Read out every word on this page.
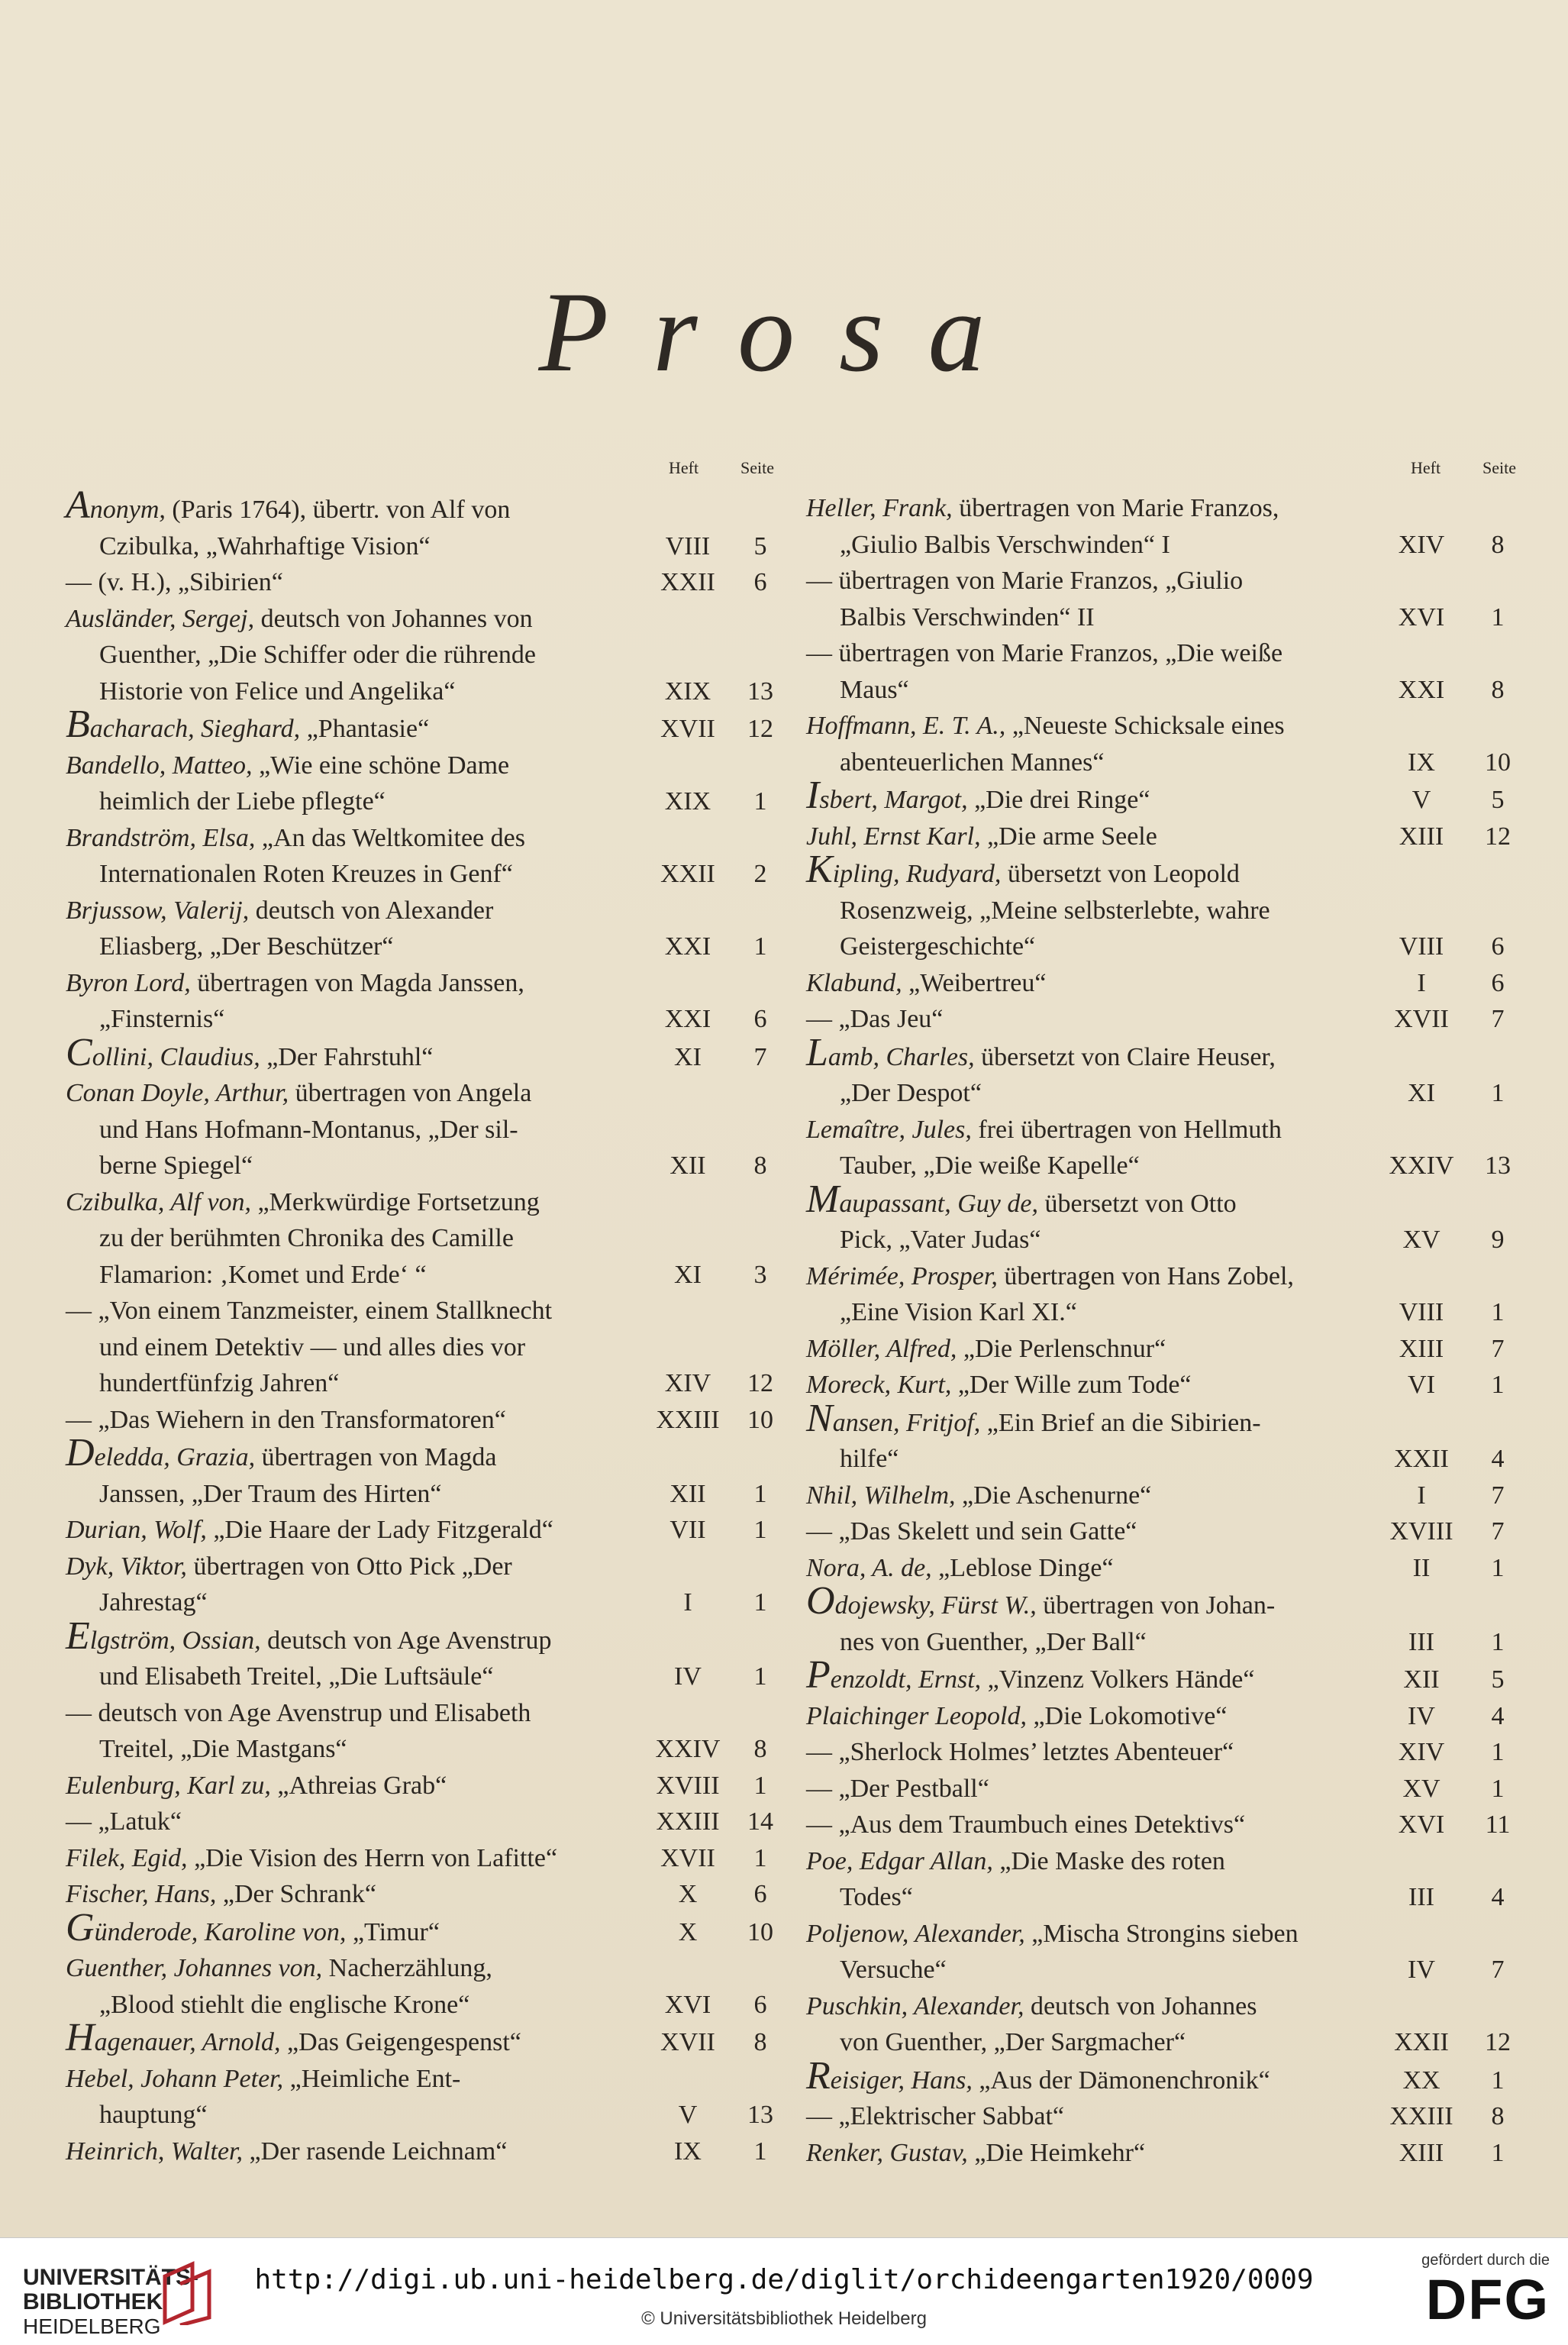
Prosa
Heft Seite
Anonym, (Paris 1764), übertr. von Alf von
Czibulka, „Wahrhaftige Vision“	VIII	5
— (v. H.), „Sibirien“	XXII	6
Ausländer, Sergej, deutsch von Johannes von
Guenther, „Die Schiffer oder die rührende
Historie von Felice und Angelika“	XIX	13
Bacharach, Sieghard, „Phantasie“	XVII	12
Bandello, Matteo, „Wie eine schöne Dame
heimlich der Liebe pflegte“	XIX	1
Brandström, Elsa, „An das Weltkomitee des
Internationalen Roten Kreuzes in Genf“	XXII	2
Brjussow, Valerij, deutsch von Alexander
Eliasberg, „Der Beschützer“	XXI	1
Byron Lord, übertragen von Magda Janssen,
„Finsternis“	XXI	6
Collini, Claudius, „Der Fahrstuhl“	XI	7
Conan Doyle, Arthur, übertragen von Angela
und Hans Hofmann-Montanus, „Der sil-
berne Spiegel“	XII	8
Czibulka, Alf von, „Merkwürdige Fortsetzung
zu der berühmten Chronika des Camille
Flamarion: ‚Komet und Erde‘ “	XI	3
— „Von einem Tanzmeister, einem Stallknecht
und einem Detektiv — und alles dies vor
hundertfünfzig Jahren“	XIV	12
— „Das Wiehern in den Transformatoren“	XXIII	10
Deledda, Grazia, übertragen von Magda
Janssen, „Der Traum des Hirten“	XII	1
Durian, Wolf, „Die Haare der Lady Fitzgerald“	VII	1
Dyk, Viktor, übertragen von Otto Pick „Der
Jahrestag“	I	1
Elgström, Ossian, deutsch von Age Avenstrup
und Elisabeth Treitel, „Die Luftsäule“	IV	1
— deutsch von Age Avenstrup und Elisabeth
Treitel, „Die Mastgans“	XXIV	8
Eulenburg, Karl zu, „Athreias Grab“	XVIII	1
— „Latuk“	XXIII	14
Filek, Egid, „Die Vision des Herrn von Lafitte“	XVII	1
Fischer, Hans, „Der Schrank“	X	6
Günderode, Karoline von, „Timur“	X	10
Guenther, Johannes von, Nacherzählung,
„Blood stiehlt die englische Krone“	XVI	6
Hagenauer, Arnold, „Das Geigengespenst“	XVII	8
Hebel, Johann Peter, „Heimliche Ent-
hauptung“	V	13
Heinrich, Walter, „Der rasende Leichnam“	IX	1
Heft Seite
Heller, Frank, übertragen von Marie Franzos,
„Giulio Balbis Verschwinden“ I	XIV	8
— übertragen von Marie Franzos, „Giulio
Balbis Verschwinden“ II	XVI	1
— übertragen von Marie Franzos, „Die weiße
Maus“	XXI	8
Hoffmann, E. T. A., „Neueste Schicksale eines
abenteuerlichen Mannes“	IX	10
Isbert, Margot, „Die drei Ringe“	V	5
Juhl, Ernst Karl, „Die arme Seele	XIII	12
Kipling, Rudyard, übersetzt von Leopold
Rosenzweig, „Meine selbsterlebte, wahre
Geistergeschichte“	VIII	6
Klabund, „Weibertreu“	I	6
— „Das Jeu“	XVII	7
Lamb, Charles, übersetzt von Claire Heuser,
„Der Despot“	XI	1
Lemaître, Jules, frei übertragen von Hellmuth
Tauber, „Die weiße Kapelle“	XXIV	13
Maupassant, Guy de, übersetzt von Otto
Pick, „Vater Judas“	XV	9
Mérimée, Prosper, übertragen von Hans Zobel,
„Eine Vision Karl XI.“	VIII	1
Möller, Alfred, „Die Perlenschnur“	XIII	7
Moreck, Kurt, „Der Wille zum Tode“	VI	1
Nansen, Fritjof, „Ein Brief an die Sibirien-
hilfe“	XXII	4
Nhil, Wilhelm, „Die Aschenurne“	I	7
— „Das Skelett und sein Gatte“	XVIII	7
Nora, A. de, „Leblose Dinge“	II	1
Odojewsky, Fürst W., übertragen von Johan-
nes von Guenther, „Der Ball“	III	1
Penzoldt, Ernst, „Vinzenz Volkers Hände“	XII	5
Plaichinger Leopold, „Die Lokomotive“	IV	4
— „Sherlock Holmes’ letztes Abenteuer“	XIV	1
— „Der Pestball“	XV	1
— „Aus dem Traumbuch eines Detektivs“	XVI	11
Poe, Edgar Allan, „Die Maske des roten
Todes“	III	4
Poljenow, Alexander, „Mischa Strongins sieben
Versuche“	IV	7
Puschkin, Alexander, deutsch von Johannes
von Guenther, „Der Sargmacher“	XXII	12
Reisiger, Hans, „Aus der Dämonenchronik“	XX	1
— „Elektrischer Sabbat“	XXIII	8
Renker, Gustav, „Die Heimkehr“	XIII	1
UNIVERSITÄTS-
BIBLIOTHEK
HEIDELBERG
http://digi.ub.uni-heidelberg.de/diglit/orchideengarten1920/0009
© Universitätsbibliothek Heidelberg
gefördert durch die
DFG
